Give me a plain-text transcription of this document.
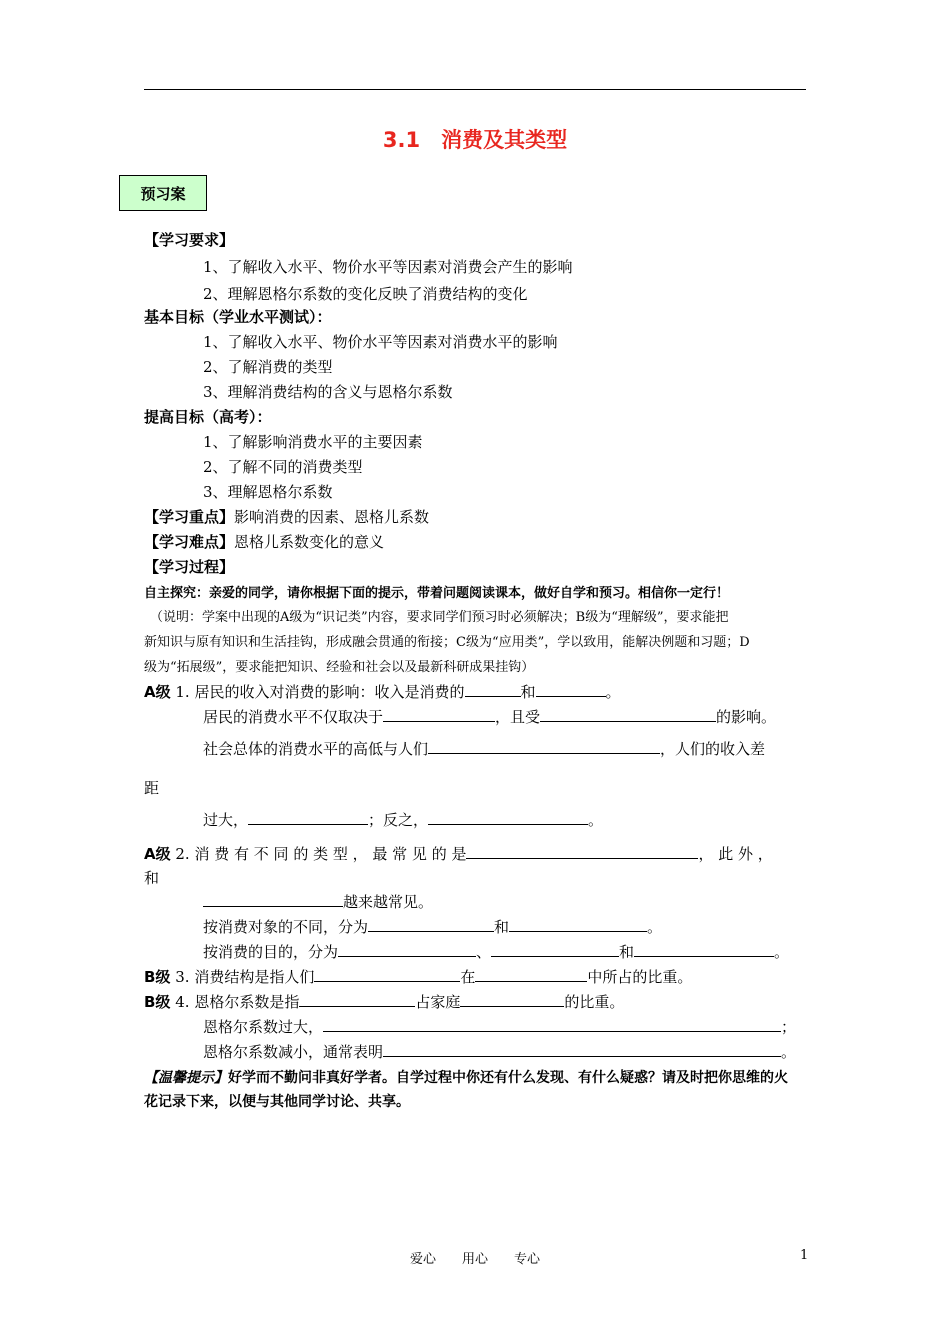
3.1　消费及其类型
预习案
【学习要求】
1、了解收入水平、物价水平等因素对消费会产生的影响
2、理解恩格尔系数的变化反映了消费结构的变化
基本目标（学业水平测试）：
1、了解收入水平、物价水平等因素对消费水平的影响
2、了解消费的类型
3、理解消费结构的含义与恩格尔系数
提高目标（高考）：
1、了解影响消费水平的主要因素
2、了解不同的消费类型
3、理解恩格尔系数
【学习重点】影响消费的因素、恩格儿系数
【学习难点】恩格儿系数变化的意义
【学习过程】
自主探究：亲爱的同学，请你根据下面的提示，带着问题阅读课本，做好自学和预习。相信你一定行！
（说明：学案中出现的A级为“识记类”内容，要求同学们预习时必须解决；B级为“理解级”，要求能把
新知识与原有知识和生活挂钩，形成融会贯通的衔接；C级为“应用类”，学以致用，能解决例题和习题；D
级为“拓展级”，要求能把知识、经验和社会以及最新科研成果挂钩）
A级 1. 居民的收入对消费的影响：收入是消费的	和	。
居民的消费水平不仅取决于	，且受	的影响。
社会总体的消费水平的高低与人们	，人们的收入差
距
过大，	；反之，	。
A级 2. 消 费 有 不 同 的 类 型 ， 最 常 见 的 是	， 此 外 ，
和
越来越常见。
按消费对象的不同，分为	和	。
按消费的目的，分为	、	和	。
B级 3. 消费结构是指人们	在	中所占的比重。
B级 4. 恩格尔系数是指	占家庭	的比重。
恩格尔系数过大，	；
恩格尔系数减小，通常表明	。
【温馨提示】好学而不勤问非真好学者。自学过程中你还有什么发现、有什么疑惑？请及时把你思维的火
花记录下来，以便与其他同学讨论、共享。
爱心　　用心　　专心	1
